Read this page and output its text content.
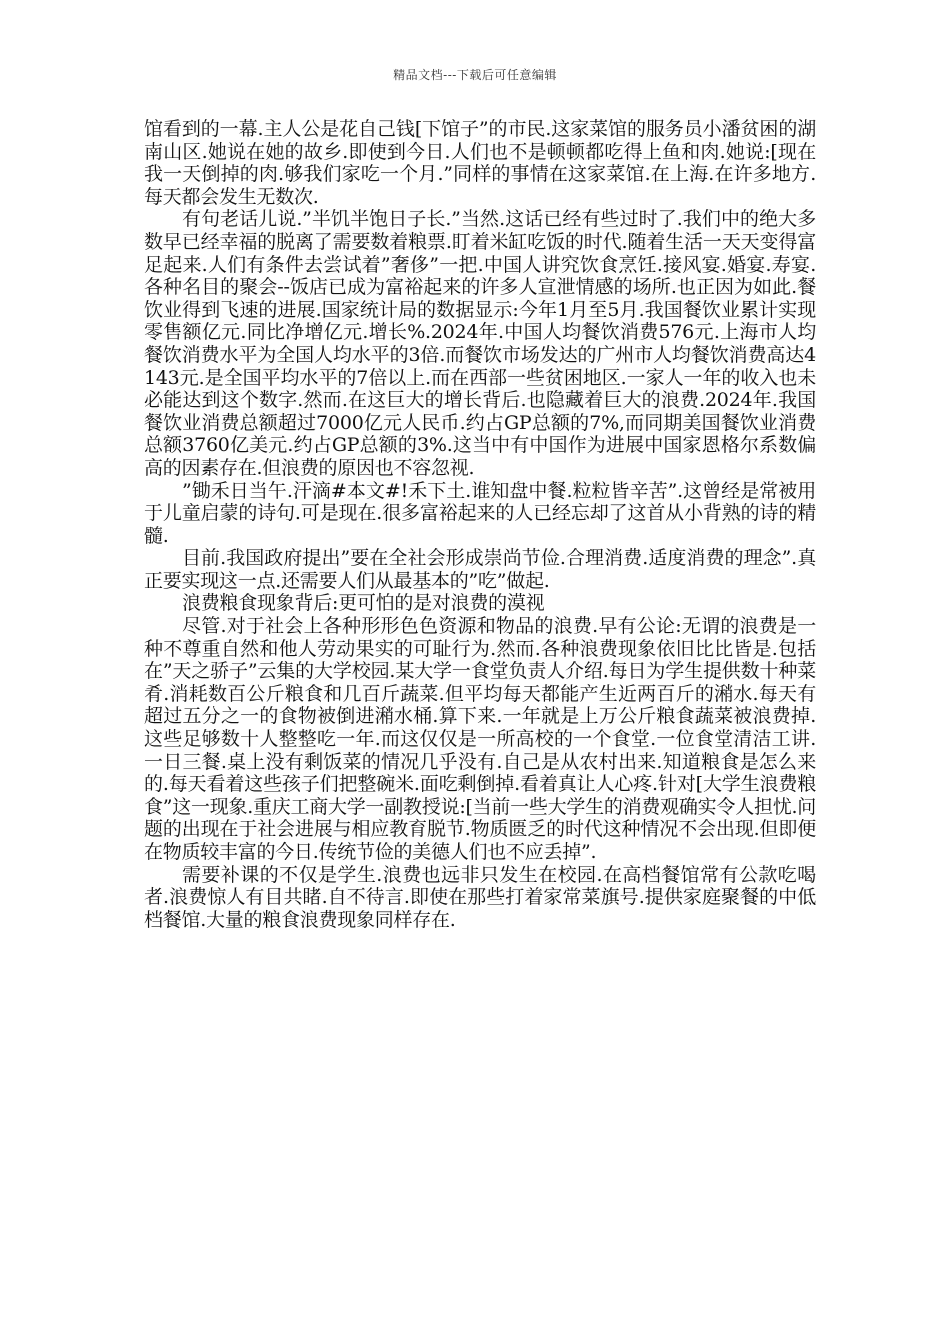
精品文档---下载后可任意编辑

馆看到的一幕.主人公是花自己钱[下馆子”的市民.这家菜馆的服务员小潘贫困的湖南山区.她说在她的故乡.即使到今日.人们也不是顿顿都吃得上鱼和肉.她说:[现在我一天倒掉的肉.够我们家吃一个月.”同样的事情在这家菜馆.在上海.在许多地方.每天都会发生无数次.

有句老话儿说.”半饥半饱日子长.”当然.这话已经有些过时了.我们中的绝大多数早已经幸福的脱离了需要数着粮票.盯着米缸吃饭的时代.随着生活一天天变得富足起来.人们有条件去尝试着”奢侈”一把.中国人讲究饮食烹饪.接风宴.婚宴.寿宴.各种名目的聚会--饭店已成为富裕起来的许多人宣泄情感的场所.也正因为如此.餐饮业得到飞速的进展.国家统计局的数据显示:今年1月至5月.我国餐饮业累计实现零售额亿元.同比净增亿元.增长%.2024年.中国人均餐饮消费576元.上海市人均餐饮消费水平为全国人均水平的3倍.而餐饮市场发达的广州市人均餐饮消费高达4143元.是全国平均水平的7倍以上.而在西部一些贫困地区.一家人一年的收入也未必能达到这个数字.然而.在这巨大的增长背后.也隐藏着巨大的浪费.2024年.我国餐饮业消费总额超过7000亿元人民币.约占GP总额的7%,而同期美国餐饮业消费总额3760亿美元.约占GP总额的3%.这当中有中国作为进展中国家恩格尔系数偏高的因素存在.但浪费的原因也不容忽视.

”锄禾日当午.汗滴#本文#!禾下土.谁知盘中餐.粒粒皆辛苦”.这曾经是常被用于儿童启蒙的诗句.可是现在.很多富裕起来的人已经忘却了这首从小背熟的诗的精髓.

目前.我国政府提出”要在全社会形成崇尚节俭.合理消费.适度消费的理念”.真正要实现这一点.还需要人们从最基本的”吃”做起.

浪费粮食现象背后:更可怕的是对浪费的漠视

尽管.对于社会上各种形形色色资源和物品的浪费.早有公论:无谓的浪费是一种不尊重自然和他人劳动果实的可耻行为.然而.各种浪费现象依旧比比皆是.包括在”天之骄子”云集的大学校园.某大学一食堂负责人介绍.每日为学生提供数十种菜肴.消耗数百公斤粮食和几百斤蔬菜.但平均每天都能产生近两百斤的潲水.每天有超过五分之一的食物被倒进潲水桶.算下来.一年就是上万公斤粮食蔬菜被浪费掉.这些足够数十人整整吃一年.而这仅仅是一所高校的一个食堂.一位食堂清洁工讲.一日三餐.桌上没有剩饭菜的情况几乎没有.自己是从农村出来.知道粮食是怎么来的.每天看着这些孩子们把整碗米.面吃剩倒掉.看着真让人心疼.针对[大学生浪费粮食”这一现象.重庆工商大学一副教授说:[当前一些大学生的消费观确实令人担忧.问题的出现在于社会进展与相应教育脱节.物质匮乏的时代这种情况不会出现.但即便在物质较丰富的今日.传统节俭的美德人们也不应丢掉”.

需要补课的不仅是学生.浪费也远非只发生在校园.在高档餐馆常有公款吃喝者.浪费惊人有目共睹.自不待言.即使在那些打着家常菜旗号.提供家庭聚餐的中低档餐馆.大量的粮食浪费现象同样存在.
